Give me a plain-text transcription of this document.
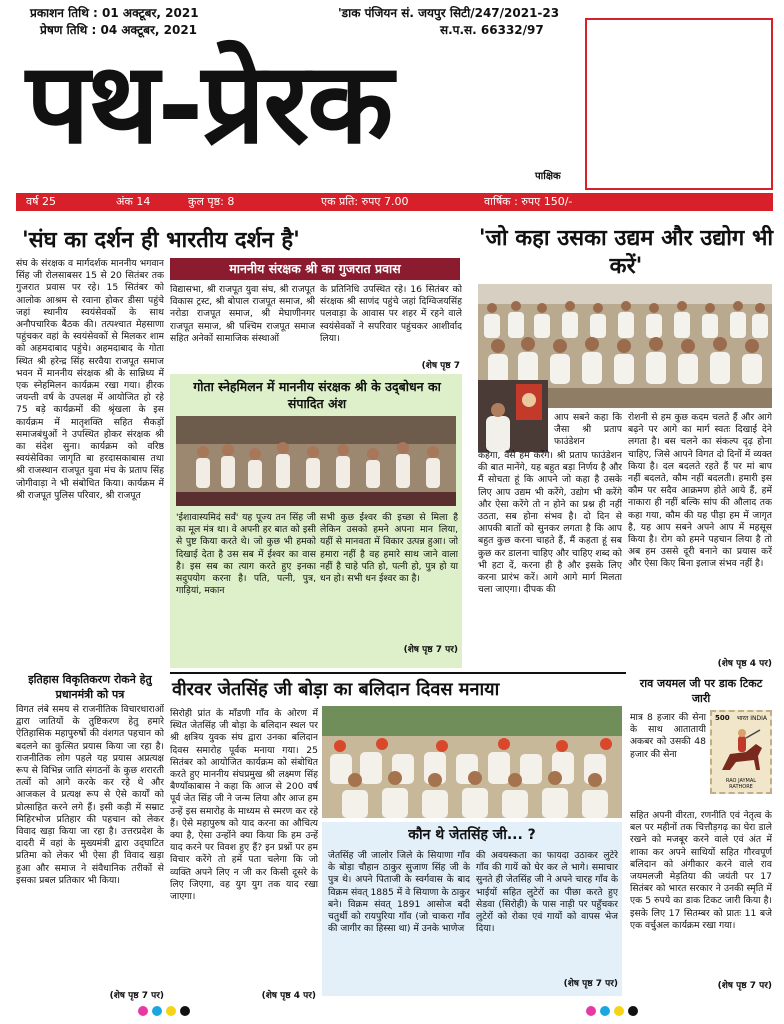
प्रकाशन तिथि : 01 अक्टूबर, 2021
प्रेषण तिथि : 04 अक्टूबर, 2021
'डाक पंजियन सं. जयपुर सिटी/247/2021-23
स.प.स. 66332/97
पथ-प्रेरक
पाक्षिक
वर्ष 25	अंक 14	कुल पृष्ठ: 8	एक प्रति: रुपए 7.00	वार्षिक : रुपए 150/-
'संघ का दर्शन ही भारतीय दर्शन है'
माननीय संरक्षक श्री का गुजरात प्रवास
संघ के संरक्षक व मार्गदर्शक माननीय भगवान सिंह जी रोलसाबसर 15 से 20 सितंबर तक गुजरात प्रवास पर रहे। 15 सितंबर को आलोक आश्रम से रवाना होकर डीसा पहुंचे जहां स्थानीय स्वयंसेवकों के साथ अनौपचारिक बैठक की। तत्पश्चात मेहसाणा पहुंचकर वहां के स्वयंसेवकों से मिलकर शाम को अहमदाबाद पहुंचे। अहमदाबाद के गोता स्थित श्री हरेन्द्र सिंह सरवैया राजपूत समाज भवन में माननीय संरक्षक श्री के सान्निध्य में एक स्नेहमिलन कार्यक्रम रखा गया। हीरक जयन्ती वर्ष के उपलक्ष में आयोजित हो रहे 75 बड़े कार्यक्रमों की श्रृंखला के इस कार्यक्रम में मातृशक्ति सहित सैकड़ों समाजबंधुओं ने उपस्थित होकर संरक्षक श्री का संदेश सुना। कार्यक्रम को वरिष्ठ स्वयंसेविका जागृति बा हरदासकाबास तथा श्री राजस्थान राजपूत युवा मंच के प्रताप सिंह जोगीवाड़ा ने भी संबोधित किया। कार्यक्रम में श्री राजपूत पुलिस परिवार, श्री राजपूत
विद्यासभा, श्री राजपूत युवा संघ, श्री राजपूत विकास ट्रस्ट, श्री बोपाल राजपूत समाज, श्री नरोडा राजपूत समाज, श्री मेघाणीनगर राजपूत समाज, श्री पश्चिम राजपूत समाज सहित अनेकों सामाजिक संस्थाओं
के प्रतिनिधि उपस्थित रहे। 16 सितंबर को संरक्षक श्री साणंद पहुंचे जहां दिग्विजयसिंह पलवाड़ा के आवास पर शहर में रहने वाले स्वयंसेवकों ने सपरिवार पहुंचकर आशीर्वाद लिया।
(शेष पृष्ठ 7
गोता स्नेहमिलन में माननीय संरक्षक श्री के उद्‌बोधन का संपादित अंश
'ईशावास्यमिदं सर्वं' यह पूज्य तन सिंह जी का मूल मंत्र था। वे अपनी हर बात को इसी से पुष्ट किया करते थे। जो कुछ भी हमको दिखाई देता है उस सब में ईश्वर का वास है। इस सब का त्याग करते हुए इनका सदुपयोग करना है। पति, पत्नी, पुत्र, गाड़ियां, मकान
सभी कुछ ईश्वर की इच्छा से मिला है लेकिन उसको हमने अपना मान लिया, यहीं से मानवता में विकार उत्पन्न हुआ। जो हमारा नहीं है वह हमारे साथ जाने वाला नहीं है चाहे पति हो, पत्नी हो, पुत्र हो या धन हो। सभी धन ईश्वर का है।
(शेष पृष्ठ 7 पर)
'जो कहा उसका उद्यम और उद्योग भी करें'
आप सबने कहा कि जैसा श्री प्रताप फाउंडेशन
कहेगा, वैसे हम करेंगे। श्री प्रताप फाउंडेशन की बात मानेंगे, यह बहुत बड़ा निर्णय है और मैं सोचता हूं कि आपने जो कहा है उसके लिए आप उद्यम भी करेंगे, उद्योग भी करेंगे और ऐसा करेंगे तो न होने का प्रश्न ही नहीं उठता, सब होना संभव है। दो दिन से आपकी बातों को सुनकर लगता है कि आप बहुत कुछ करना चाहते हैं, मैं कहता हूं सब कुछ कर डालना चाहिए और चाहिए शब्द को भी हटा दें, करना ही है और इसके लिए करना प्रारंभ करें। आगे आगे मार्ग मिलता चला जाएगा। दीपक की
रोशनी से हम कुछ कदम चलते हैं और आगे बढ़ने पर आगे का मार्ग स्वतः दिखाई देने लगता है। बस चलने का संकल्प दृढ़ होना चाहिए, जिसे आपने विगत दो दिनों में व्यक्त किया है। दल बदलते रहते हैं पर मां बाप नहीं बदलते, कौम नहीं बदलती। हमारी इस कौम पर सदैव आक्रमण होते आये हैं, हमें नाकारा ही नहीं बल्कि सांप की औलाद तक कहा गया, कौम की यह पीड़ा हम में जागृत है, यह आप सबने अपने आप में महसूस किया है। रोग को हमने पहचान लिया है तो अब हम उससे दूरी बनाने का प्रयास करें और ऐसा किए बिना इलाज संभव नहीं है।
(शेष पृष्ठ 4 पर)
इतिहास विकृतिकरण रोकने हेतु प्रधानमंत्री को पत्र
विगत लंबे समय से राजनीतिक विचारधाराओं द्वारा जातियों के तुष्टिकरण हेतु हमारे ऐतिहासिक महापुरुषों की वंशगत पहचान को बदलने का कुत्सित प्रयास किया जा रहा है। राजनीतिक लोग पहले यह प्रयास अप्रत्यक्ष रूप से विभिन्न जाति संगठनों के कुछ शरारती तत्वों को आगे करके कर रहे थे और आजकल वे प्रत्यक्ष रूप से ऐसे कार्यों को प्रोत्साहित करने लगे हैं। इसी कड़ी में सम्राट मिहिरभोज प्रतिहार की पहचान को लेकर विवाद खड़ा किया जा रहा है। उत्तरप्रदेश के दादरी में वहां के मुख्यमंत्री द्वारा उद्‌घाटित प्रतिमा को लेकर भी ऐसा ही विवाद खड़ा हुआ और समाज ने संवैधानिक तरीकों से इसका प्रबल प्रतिकार भी किया।
(शेष पृष्ठ 7 पर)
वीरवर जेतसिंह जी बोड़ा का बलिदान दिवस मनाया
सिरोही प्रांत के माँडणी गाँव के ओरण में स्थित जेतसिंह जी बोड़ा के बलिदान स्थल पर श्री क्षत्रिय युवक संघ द्वारा उनका बलिदान दिवस समारोह पूर्वक मनाया गया। 25 सितंबर को आयोजित कार्यक्रम को संबोधित करते हुए माननीय संघप्रमुख श्री लक्ष्मण सिंह बैण्याँकाबास ने कहा कि आज से 200 वर्ष पूर्व जेत सिंह जी ने जन्म लिया और आज हम उन्हें इस समारोह के माध्यम से स्मरण कर रहे हैं। ऐसे महापुरुष को याद करना का औचित्य क्या है, ऐसा उन्होंने क्या किया कि हम उन्हें याद करने पर विवश हुए हैं? इन प्रश्नों पर हम विचार करेंगे तो हमें पता चलेगा कि जो व्यक्ति अपने लिए न जी कर किसी दूसरे के लिए जिएगा, वह युग युग तक याद रखा जाएगा।
(शेष पृष्ठ 4 पर)
कौन थे जेतसिंह जी... ?
जेतसिंह जी जालोर जिले के सियाणा गाँव के बोड़ा चौहान ठाकुर सुजाण सिंह जी के पुत्र थे। अपने पिताजी के स्वर्गवास के बाद विक्रम संवत् 1885 में वे सियाणा के ठाकुर बने। विक्रम संवत् 1891 आसोज बदी चतुर्थी को रायपुरिया गाँव (जो चाकरा गाँव की जागीर का हिस्सा था) में उनके भाणेज
की अवयस्कता का फायदा उठाकर लुटेरे गाँव की गायें को घेर कर ले भागे। समाचार सुनते ही जेतसिंह जी ने अपने चारह गाँव के भाईयों सहित लुटेरों का पीछा करते हुए सेडवा (सिरोही) के पास नाड़ी पर पहुँचकर लुटेरों को रोका एवं गायों को वापस भेज दिया।
(शेष पृष्ठ 7 पर)
राव जयमल जी पर डाक टिकट जारी
मात्र 8 हजार की सेना के साथ आतातायी अकबर को उसकी 48 हजार की सेना
500 भारत INDIA
RAO JAYMAL RATHORE
सहित अपनी वीरता, रणनीति एवं नेतृत्व के बल पर महीनों तक चित्तौड़गढ़ का घेरा डाले रखने को मजबूर करने वाले एवं अंत में शाका कर अपने साथियों सहित गौरवपूर्ण बलिदान को अंगीकार करने वाले राव जयमलजी मेड़तिया की जयंती पर 17 सितंबर को भारत सरकार ने उनकी स्मृति में एक 5 रुपये का डाक टिकट जारी किया है। इसके लिए 17 सितम्बर को प्रातः 11 बजे एक वर्चुअल कार्यक्रम रखा गया।
(शेष पृष्ठ 7 पर)
